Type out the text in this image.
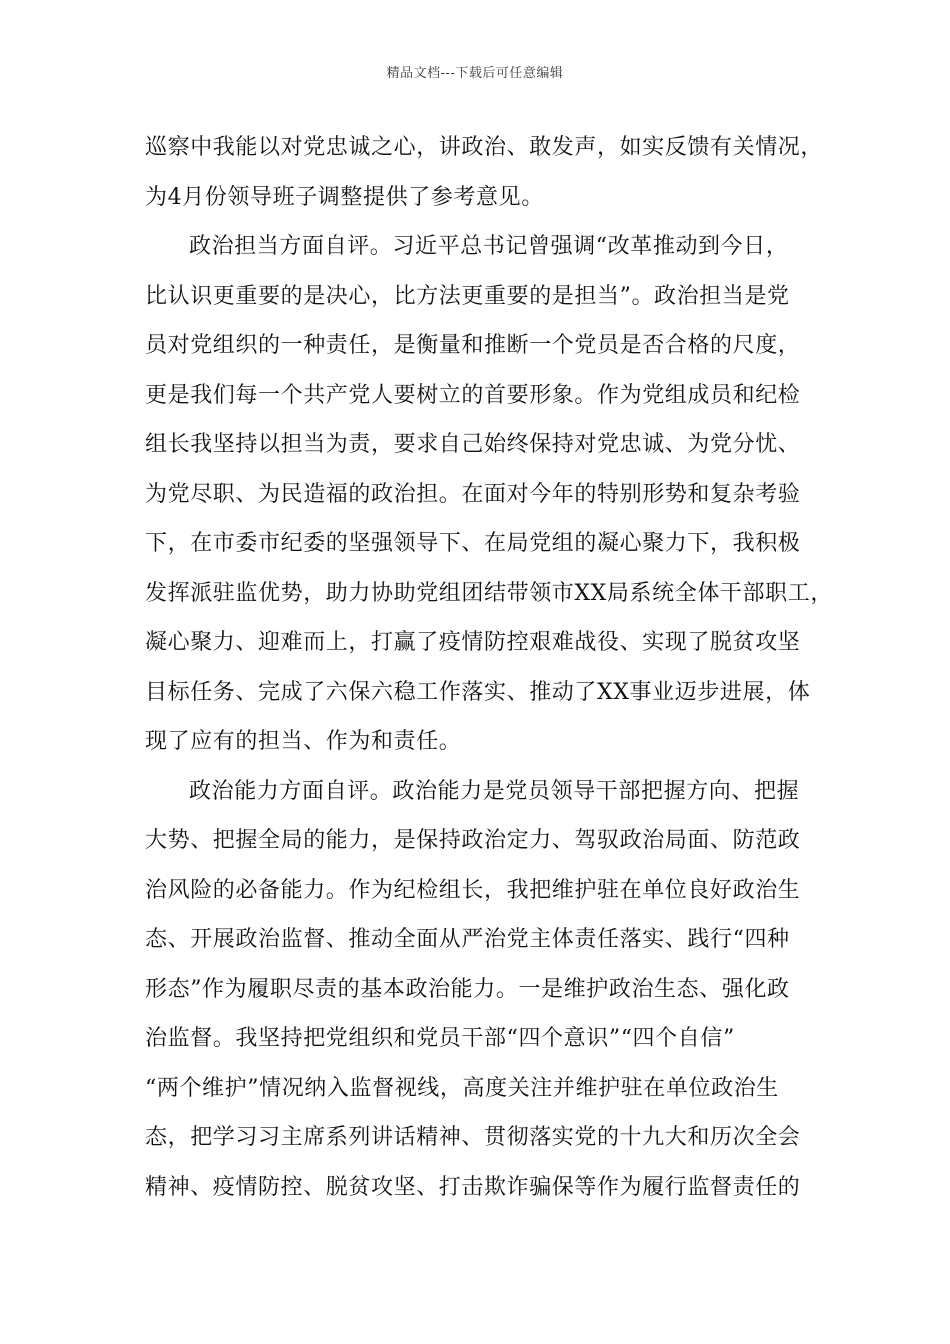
精品文档---下载后可任意编辑
巡察中我能以对党忠诚之心，讲政治、敢发声，如实反馈有关情况，
为4月份领导班子调整提供了参考意见。
政治担当方面自评。习近平总书记曾强调“改革推动到今日，
比认识更重要的是决心，比方法更重要的是担当”。政治担当是党
员对党组织的一种责任，是衡量和推断一个党员是否合格的尺度，
更是我们每一个共产党人要树立的首要形象。作为党组成员和纪检
组长我坚持以担当为责，要求自己始终保持对党忠诚、为党分忧、
为党尽职、为民造福的政治担。在面对今年的特别形势和复杂考验
下，在市委市纪委的坚强领导下、在局党组的凝心聚力下，我积极
发挥派驻监优势，助力协助党组团结带领市XX局系统全体干部职工，
凝心聚力、迎难而上，打赢了疫情防控艰难战役、实现了脱贫攻坚
目标任务、完成了六保六稳工作落实、推动了XX事业迈步进展，体
现了应有的担当、作为和责任。
政治能力方面自评。政治能力是党员领导干部把握方向、把握
大势、把握全局的能力，是保持政治定力、驾驭政治局面、防范政
治风险的必备能力。作为纪检组长，我把维护驻在单位良好政治生
态、开展政治监督、推动全面从严治党主体责任落实、践行“四种
形态”作为履职尽责的基本政治能力。一是维护政治生态、强化政
治监督。我坚持把党组织和党员干部“四个意识”“四个自信”
“两个维护”情况纳入监督视线，高度关注并维护驻在单位政治生
态，把学习习主席系列讲话精神、贯彻落实党的十九大和历次全会
精神、疫情防控、脱贫攻坚、打击欺诈骗保等作为履行监督责任的
